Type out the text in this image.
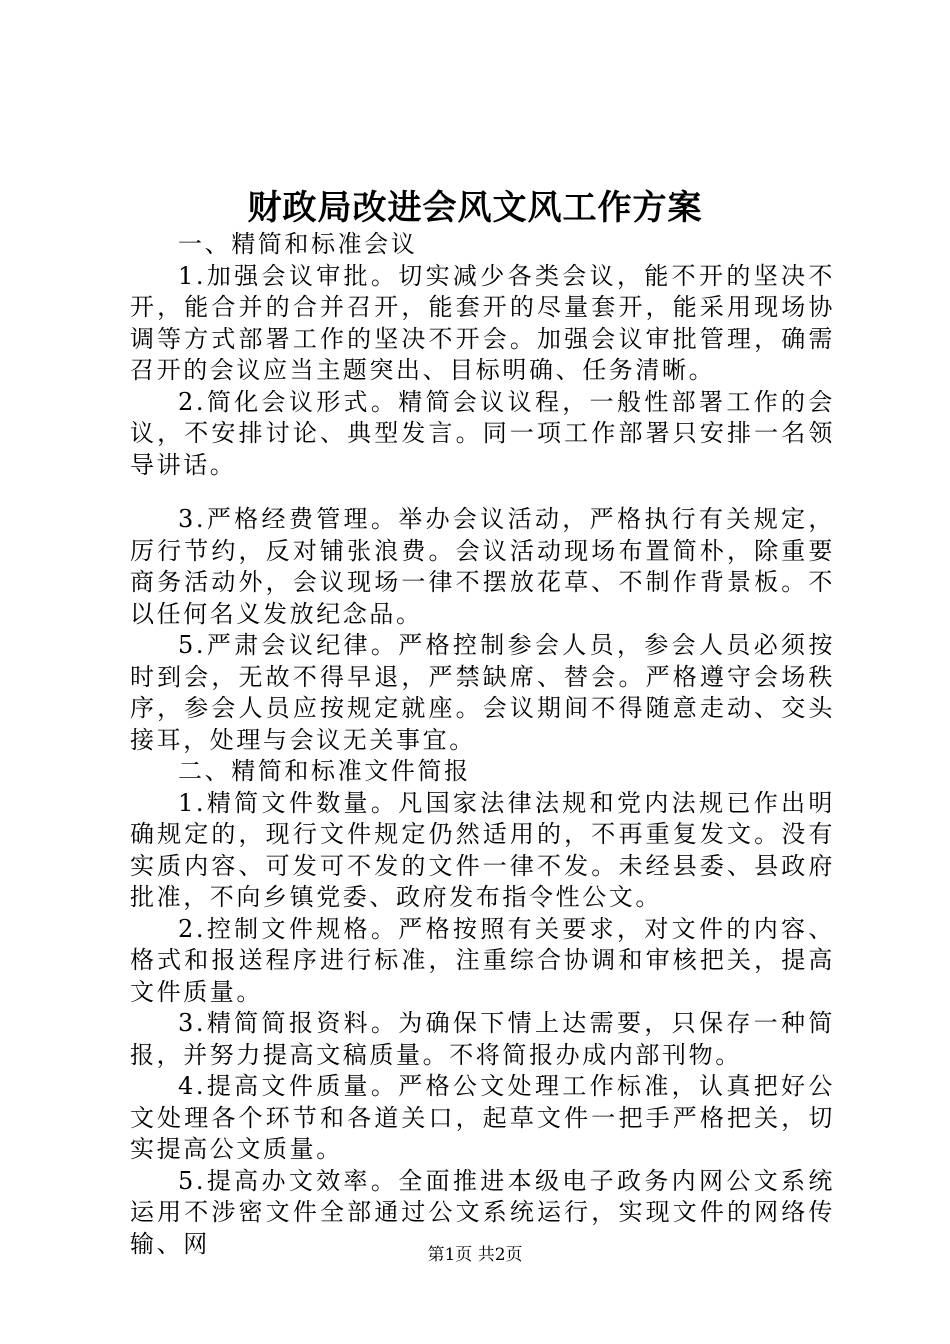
财政局改进会风文风工作方案

一、精简和标准会议

1.加强会议审批。切实减少各类会议，能不开的坚决不开，能合并的合并召开，能套开的尽量套开，能采用现场协调等方式部署工作的坚决不开会。加强会议审批管理，确需召开的会议应当主题突出、目标明确、任务清晰。

2.简化会议形式。精简会议议程，一般性部署工作的会议，不安排讨论、典型发言。同一项工作部署只安排一名领导讲话。

3.严格经费管理。举办会议活动，严格执行有关规定，厉行节约，反对铺张浪费。会议活动现场布置简朴，除重要商务活动外，会议现场一律不摆放花草、不制作背景板。不以任何名义发放纪念品。

5.严肃会议纪律。严格控制参会人员，参会人员必须按时到会，无故不得早退，严禁缺席、替会。严格遵守会场秩序，参会人员应按规定就座。会议期间不得随意走动、交头接耳，处理与会议无关事宜。

二、精简和标准文件简报

1.精简文件数量。凡国家法律法规和党内法规已作出明确规定的，现行文件规定仍然适用的，不再重复发文。没有实质内容、可发可不发的文件一律不发。未经县委、县政府批准，不向乡镇党委、政府发布指令性公文。

2.控制文件规格。严格按照有关要求，对文件的内容、格式和报送程序进行标准，注重综合协调和审核把关，提高文件质量。

3.精简简报资料。为确保下情上达需要，只保存一种简报，并努力提高文稿质量。不将简报办成内部刊物。

4.提高文件质量。严格公文处理工作标准，认真把好公文处理各个环节和各道关口，起草文件一把手严格把关，切实提高公文质量。

5.提高办文效率。全面推进本级电子政务内网公文系统运用不涉密文件全部通过公文系统运行，实现文件的网络传输、网	第1页 共2页
